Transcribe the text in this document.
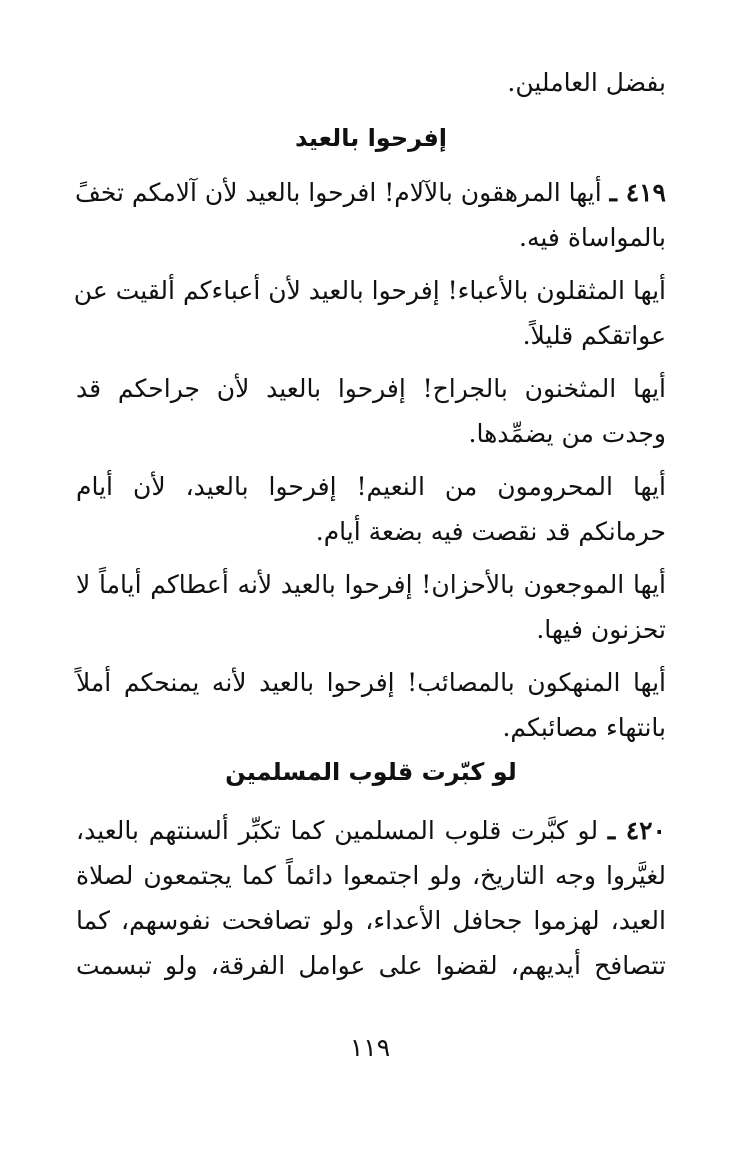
بفضل العاملين.
إفرحوا بالعيد
٤١٩ ـ أيها المرهقون بالآلام! افرحوا بالعيد لأن آلامكم تخفً
بالمواساة فيه.
أيها المثقلون بالأعباء! إفرحوا بالعيد لأن أعباءكم ألقيت عن
عواتقكم قليلاً.
أيها المثخنون بالجراح! إفرحوا بالعيد لأن جراحكم قد
وجدت من يضمِّدها.
أيها المحرومون من النعيم! إفرحوا بالعيد، لأن أيام
حرمانكم قد نقصت فيه بضعة أيام.
أيها الموجعون بالأحزان! إفرحوا بالعيد لأنه أعطاكم أياماً لا
تحزنون فيها.
أيها المنهكون بالمصائب! إفرحوا بالعيد لأنه يمنحكم أملاً
بانتهاء مصائبكم.
لو كبّرت قلوب المسلمين
٤٢٠ ـ لو كبَّرت قلوب المسلمين كما تكبِّر ألسنتهم بالعيد،
لغيَّروا وجه التاريخ، ولو اجتمعوا دائماً كما يجتمعون لصلاة
العيد، لهزموا جحافل الأعداء، ولو تصافحت نفوسهم، كما
تتصافح أيديهم، لقضوا على عوامل الفرقة، ولو تبسمت
١١٩
